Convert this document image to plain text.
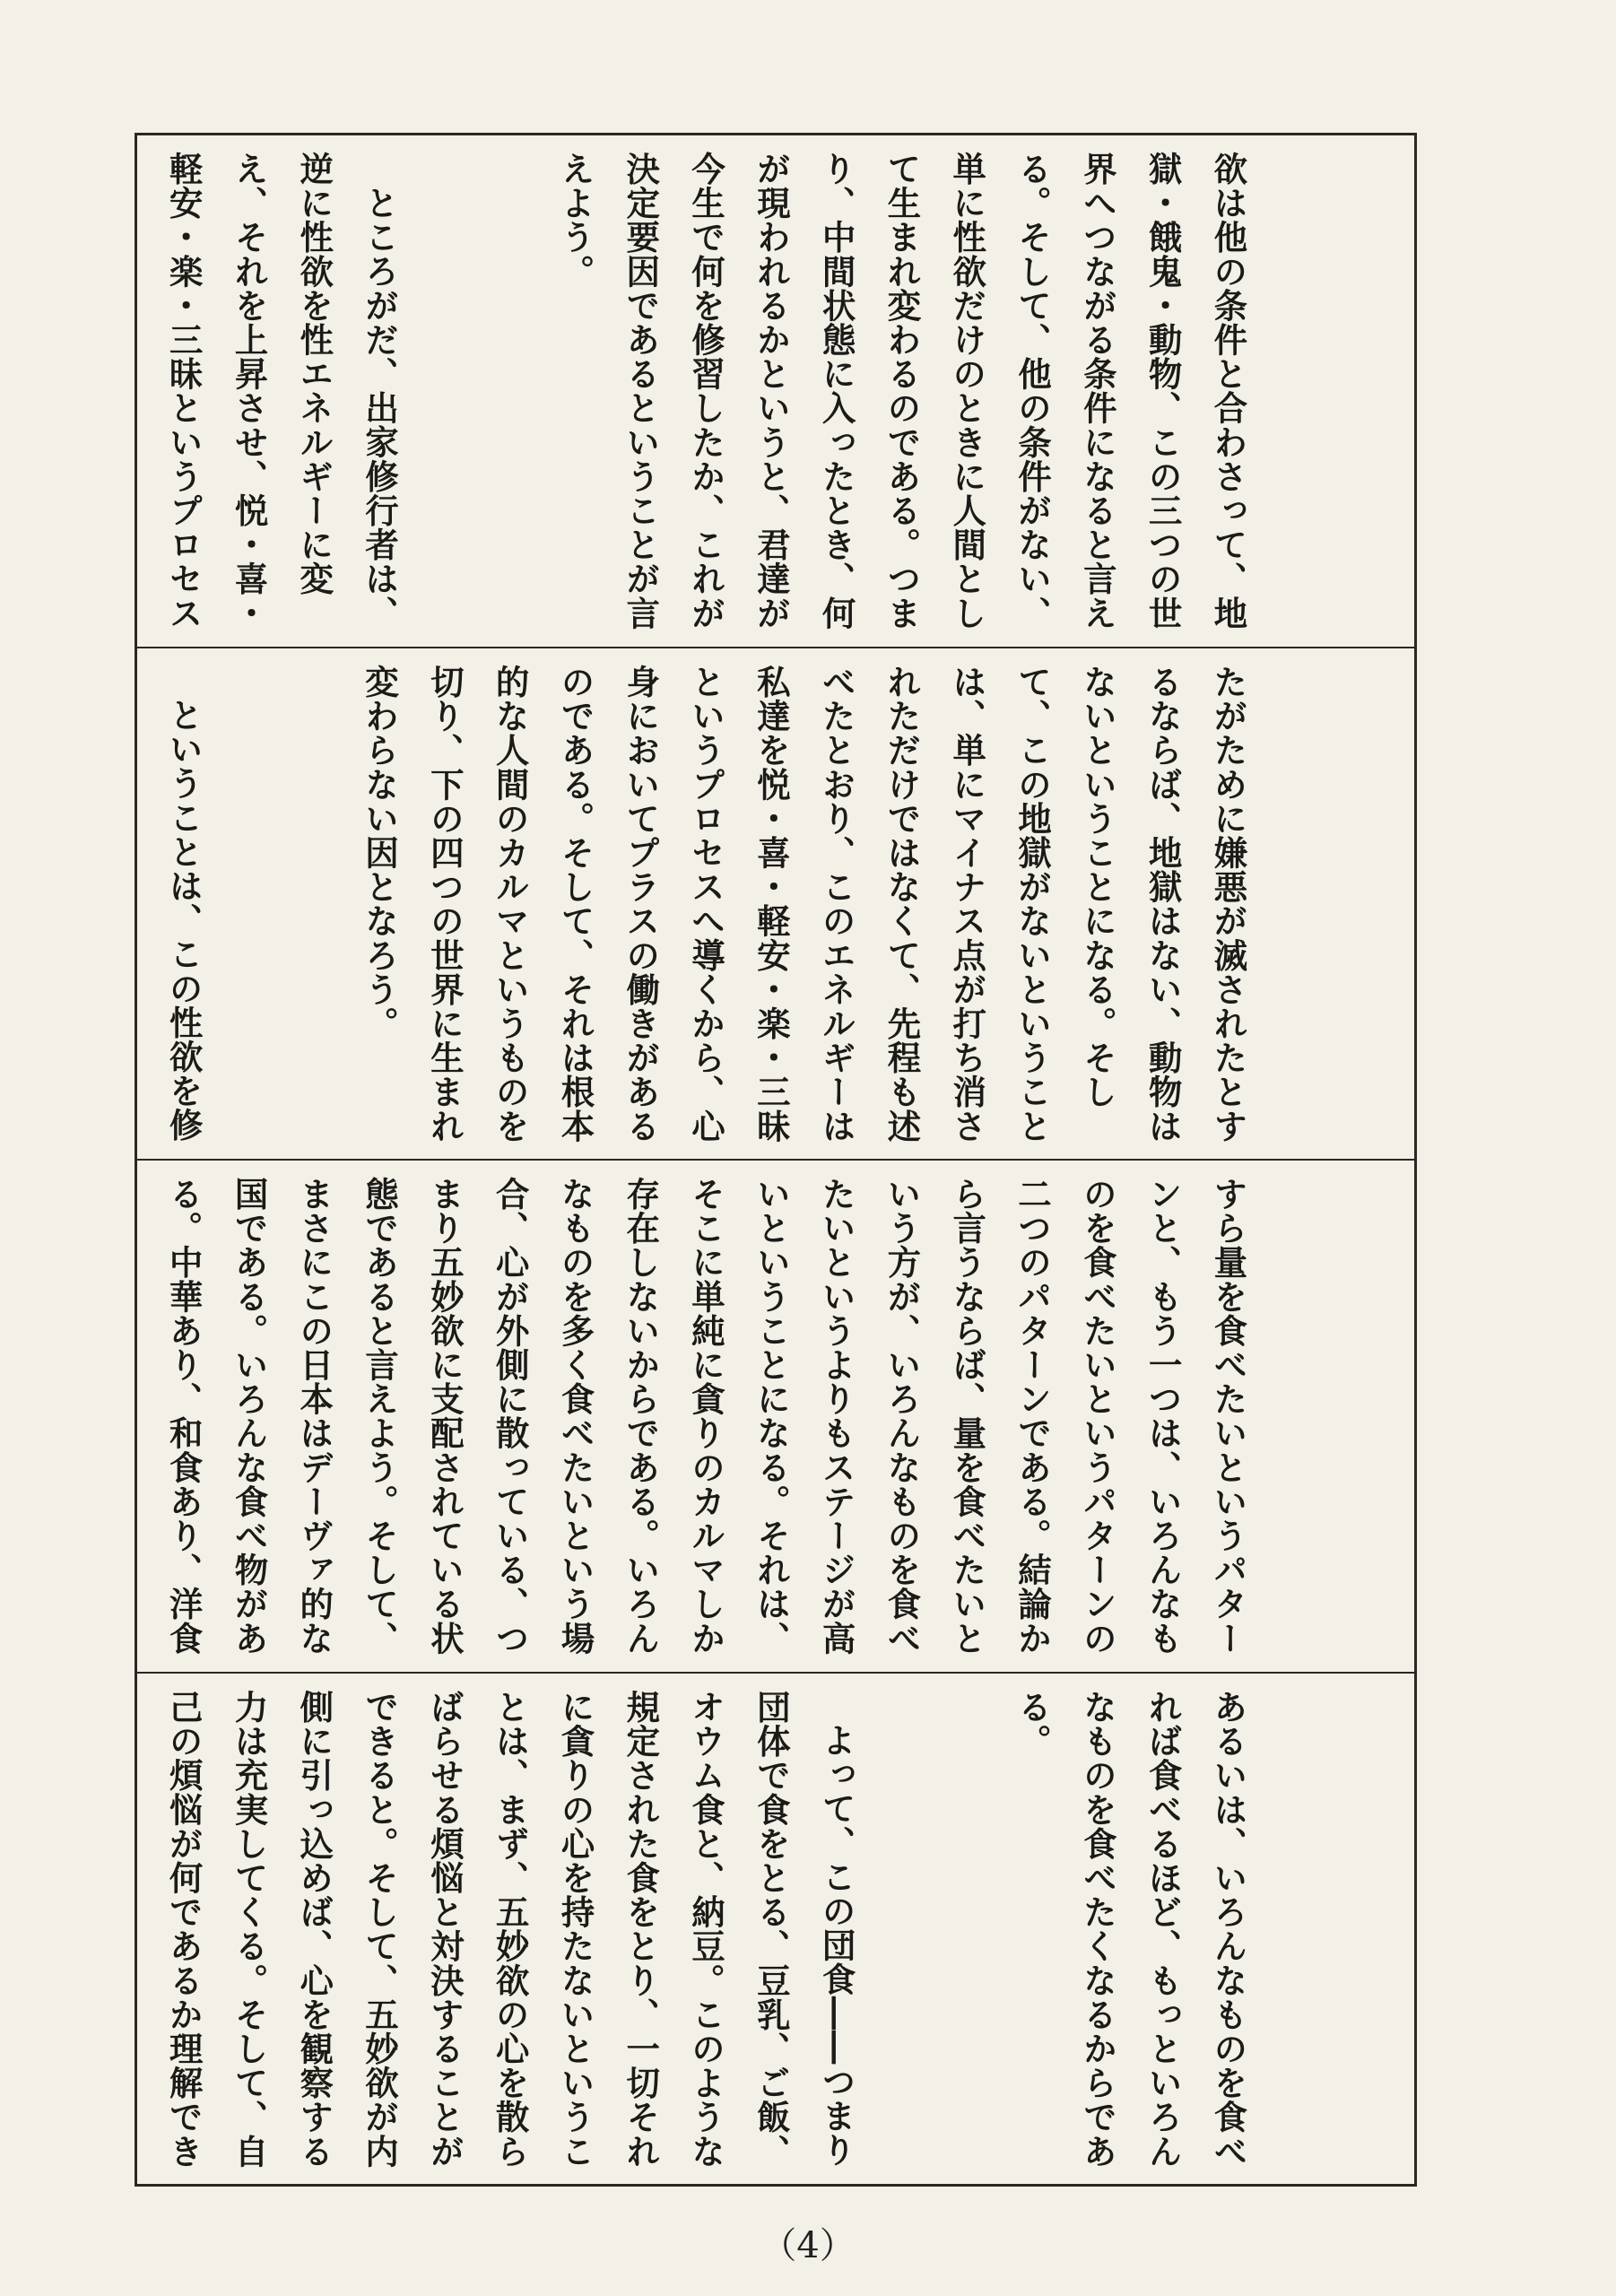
欲は他の条件と合わさって、地獄・餓鬼・動物、この三つの世界へつながる条件になると言える。そして、他の条件がない、単に性欲だけのときに人間として生まれ変わるのである。つまり、中間状態に入ったとき、何が現われるかというと、君達が今生で何を修習したか、これが決定要因であるということが言えよう。

ところがだ、出家修行者は、逆に性欲を性エネルギーに変え、それを上昇させ、悦・喜・軽安・楽・三昧というプロセス

たがために嫌悪が滅されたとするならば、地獄はない、動物はないということになる。そして、この地獄がないということは、単にマイナス点が打ち消されただけではなくて、先程も述べたとおり、このエネルギーは私達を悦・喜・軽安・楽・三昧というプロセスへ導くから、心身においてプラスの働きがあるのである。そして、それは根本的な人間のカルマというものを切り、下の四つの世界に生まれ変わらない因となろう。

ということは、この性欲を修

すら量を食べたいというパターンと、もう一つは、いろんなものを食べたいというパターンの二つのパターンである。結論から言うならば、量を食べたいという方が、いろんなものを食べたいというよりもステージが高いということになる。それは、そこに単純に貪りのカルマしか存在しないからである。いろんなものを多く食べたいという場合、心が外側に散っている、つまり五妙欲に支配されている状態であると言えよう。そして、まさにこの日本はデーヴァ的な国である。いろんな食べ物がある。中華あり、和食あり、洋食

あるいは、いろんなものを食べれば食べるほど、もっといろんなものを食べたくなるからである。

よって、この団食――つまり団体で食をとる、豆乳、ご飯、オウム食と、納豆。このような規定された食をとり、一切それに貪りの心を持たないということは、まず、五妙欲の心を散らばらせる煩悩と対決することができると。そして、五妙欲が内側に引っ込めば、心を観察する力は充実してくる。そして、自己の煩悩が何であるか理解でき

（4）
